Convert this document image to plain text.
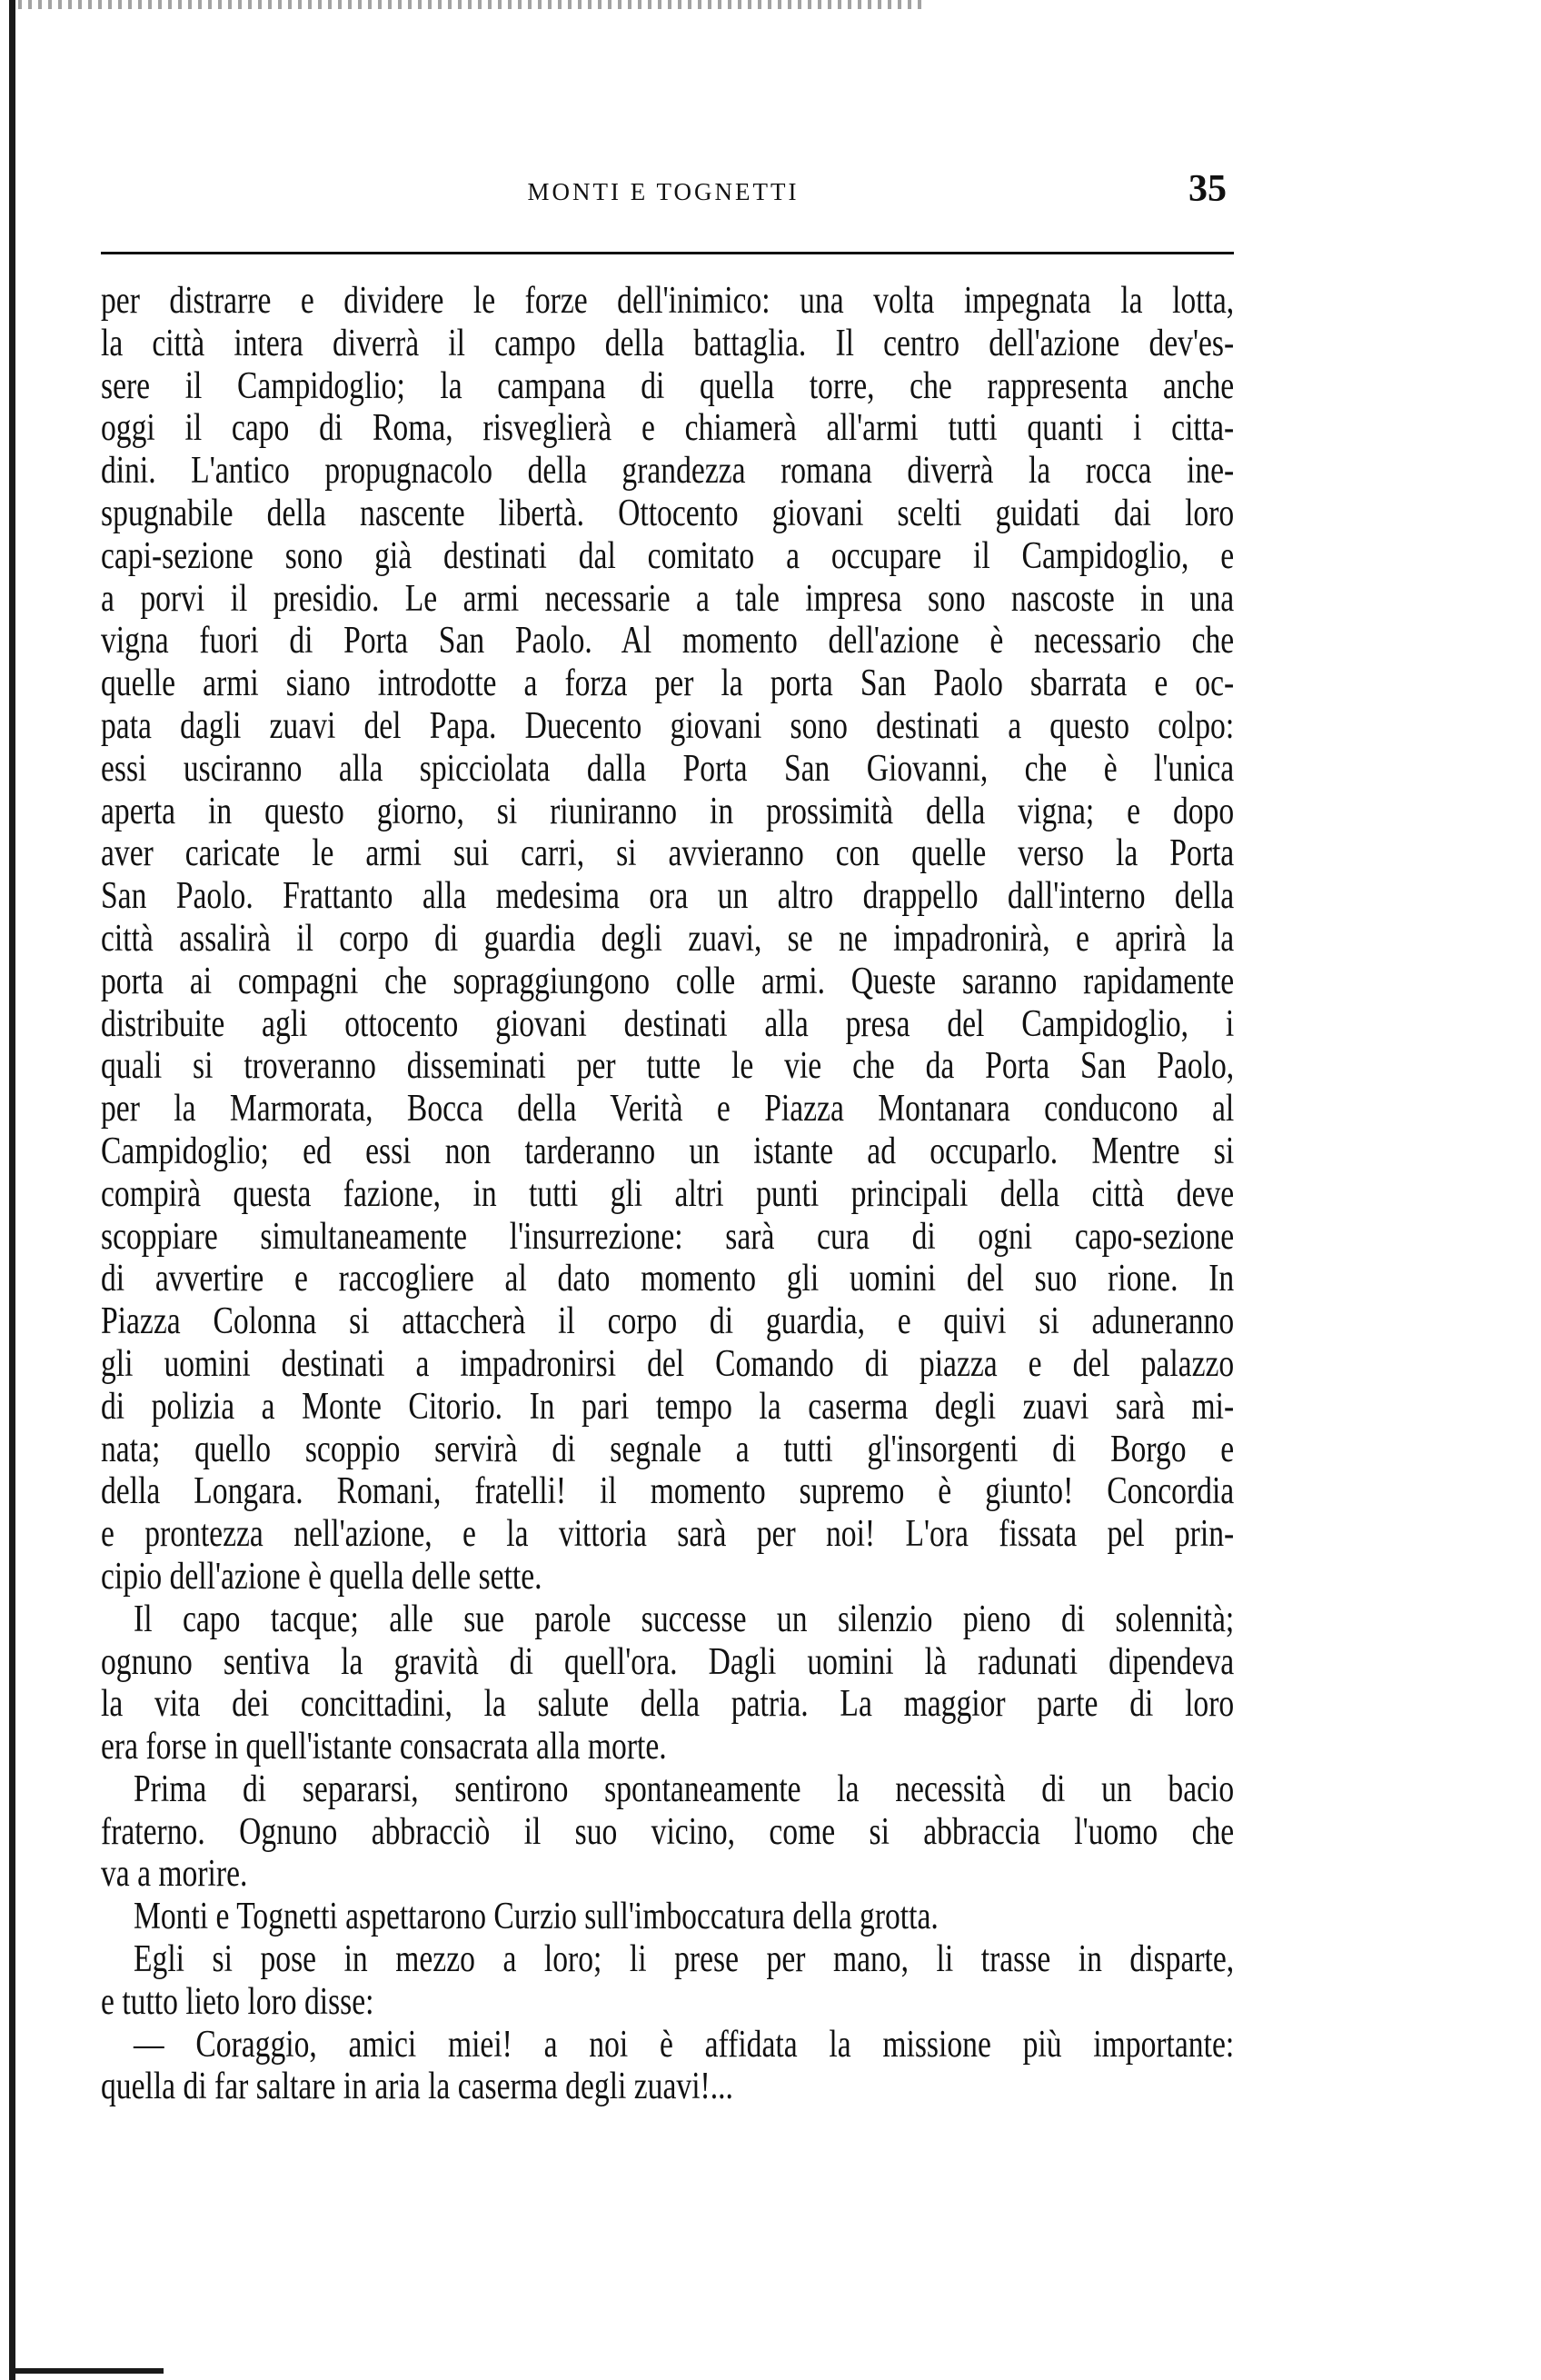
MONTI E TOGNETTI	35
per distrarre e dividere le forze dell'inimico: una volta impegnata la lotta,
la città intera diverrà il campo della battaglia. Il centro dell'azione dev'es-
sere il Campidoglio; la campana di quella torre, che rappresenta anche
oggi il capo di Roma, risveglierà e chiamerà all'armi tutti quanti i citta-
dini. L'antico propugnacolo della grandezza romana diverrà la rocca ine-
spugnabile della nascente libertà. Ottocento giovani scelti guidati dai loro
capi-sezione sono già destinati dal comitato a occupare il Campidoglio, e
a porvi il presidio. Le armi necessarie a tale impresa sono nascoste in una
vigna fuori di Porta San Paolo. Al momento dell'azione è necessario che
quelle armi siano introdotte a forza per la porta San Paolo sbarrata e oc-
pata dagli zuavi del Papa. Duecento giovani sono destinati a questo colpo:
essi usciranno alla spicciolata dalla Porta San Giovanni, che è l'unica
aperta in questo giorno, si riuniranno in prossimità della vigna; e dopo
aver caricate le armi sui carri, si avvieranno con quelle verso la Porta
San Paolo. Frattanto alla medesima ora un altro drappello dall'interno della
città assalirà il corpo di guardia degli zuavi, se ne impadronirà, e aprirà la
porta ai compagni che sopraggiungono colle armi. Queste saranno rapidamente
distribuite agli ottocento giovani destinati alla presa del Campidoglio, i
quali si troveranno disseminati per tutte le vie che da Porta San Paolo,
per la Marmorata, Bocca della Verità e Piazza Montanara conducono al
Campidoglio; ed essi non tarderanno un istante ad occuparlo. Mentre si
compirà questa fazione, in tutti gli altri punti principali della città deve
scoppiare simultaneamente l'insurrezione: sarà cura di ogni capo-sezione
di avvertire e raccogliere al dato momento gli uomini del suo rione. In
Piazza Colonna si attaccherà il corpo di guardia, e quivi si aduneranno
gli uomini destinati a impadronirsi del Comando di piazza e del palazzo
di polizia a Monte Citorio. In pari tempo la caserma degli zuavi sarà mi-
nata; quello scoppio servirà di segnale a tutti gl'insorgenti di Borgo e
della Longara. Romani, fratelli! il momento supremo è giunto! Concordia
e prontezza nell'azione, e la vittoria sarà per noi! L'ora fissata pel prin-
cipio dell'azione è quella delle sette.
Il capo tacque; alle sue parole successe un silenzio pieno di solennità;
ognuno sentiva la gravità di quell'ora. Dagli uomini là radunati dipendeva
la vita dei concittadini, la salute della patria. La maggior parte di loro
era forse in quell'istante consacrata alla morte.
Prima di separarsi, sentirono spontaneamente la necessità di un bacio
fraterno. Ognuno abbracciò il suo vicino, come si abbraccia l'uomo che
va a morire.
Monti e Tognetti aspettarono Curzio sull'imboccatura della grotta.
Egli si pose in mezzo a loro; li prese per mano, li trasse in disparte,
e tutto lieto loro disse:
— Coraggio, amici miei! a noi è affidata la missione più importante:
quella di far saltare in aria la caserma degli zuavi!...
